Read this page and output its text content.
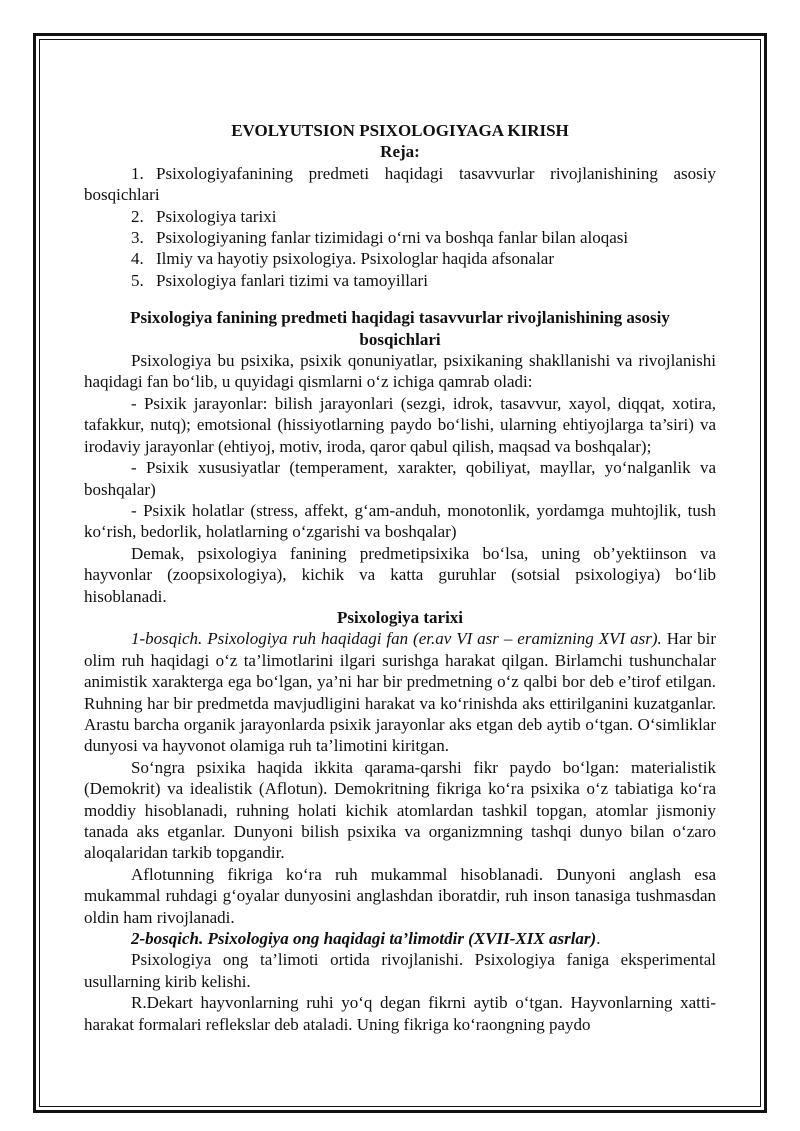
EVOLYUTSION PSIXOLOGIYAGA KIRISH

Reja:

1. Psixologiyafanining predmeti haqidagi tasavvurlar rivojlanishining asosiy bosqichlari

2. Psixologiya tarixi

3. Psixologiyaning fanlar tizimidagi o‘rni va boshqa fanlar bilan aloqasi

4. Ilmiy va hayotiy psixologiya. Psixologlar haqida afsonalar

5. Psixologiya fanlari tizimi va tamoyillari

Psixologiya fanining predmeti haqidagi tasavvurlar rivojlanishining asosiy bosqichlari

Psixologiya bu psixika, psixik qonuniyatlar, psixikaning shakllanishi va rivojlanishi haqidagi fan bo‘lib, u quyidagi qismlarni o‘z ichiga qamrab oladi:

- Psixik jarayonlar: bilish jarayonlari (sezgi, idrok, tasavvur, xayol, diqqat, xotira, tafakkur, nutq); emotsional (hissiyotlarning paydo bo‘lishi, ularning ehtiyojlarga ta’siri) va irodaviy jarayonlar (ehtiyoj, motiv, iroda, qaror qabul qilish, maqsad va boshqalar);

- Psixik xususiyatlar (temperament, xarakter, qobiliyat, mayllar, yo‘nalganlik va boshqalar)

- Psixik holatlar (stress, affekt, g‘am-anduh, monotonlik, yordamga muhtojlik, tush ko‘rish, bedorlik, holatlarning o‘zgarishi va boshqalar)

Demak, psixologiya fanining predmetipsixika bo‘lsa, uning ob’yektiinson va hayvonlar (zoopsixologiya), kichik va katta guruhlar (sotsial psixologiya) bo‘lib hisoblanadi.

Psixologiya tarixi

1-bosqich. Psixologiya ruh haqidagi fan (er.av VI asr – eramizning XVI asr). Har bir olim ruh haqidagi o‘z ta’limotlarini ilgari surishga harakat qilgan. Birlamchi tushunchalar animistik xarakterga ega bo‘lgan, ya’ni har bir predmetning o‘z qalbi bor deb e’tirof etilgan. Ruhning har bir predmetda mavjudligini harakat va ko‘rinishda aks ettirilganini kuzatganlar. Arastu barcha organik jarayonlarda psixik jarayonlar aks etgan deb aytib o‘tgan. O‘simliklar dunyosi va hayvonot olamiga ruh ta’limotini kiritgan.

So‘ngra psixika haqida ikkita qarama-qarshi fikr paydo bo‘lgan: materialistik (Demokrit) va idealistik (Aflotun). Demokritning fikriga ko‘ra psixika o‘z tabiatiga ko‘ra moddiy hisoblanadi, ruhning holati kichik atomlardan tashkil topgan, atomlar jismoniy tanada aks etganlar. Dunyoni bilish psixika va organizmning tashqi dunyo bilan o‘zaro aloqalaridan tarkib topgandir.

Aflotunning fikriga ko‘ra ruh mukammal hisoblanadi. Dunyoni anglash esa mukammal ruhdagi g‘oyalar dunyosini anglashdan iboratdir, ruh inson tanasiga tushmasdan oldin ham rivojlanadi.

2-bosqich. Psixologiya ong haqidagi ta’limotdir (XVII-XIX asrlar).

Psixologiya ong ta’limoti ortida rivojlanishi. Psixologiya faniga eksperimental usullarning kirib kelishi.

R.Dekart hayvonlarning ruhi yo‘q degan fikrni aytib o‘tgan. Hayvonlarning xatti-harakat formalari reflekslar deb ataladi. Uning fikriga ko‘raongning paydo
